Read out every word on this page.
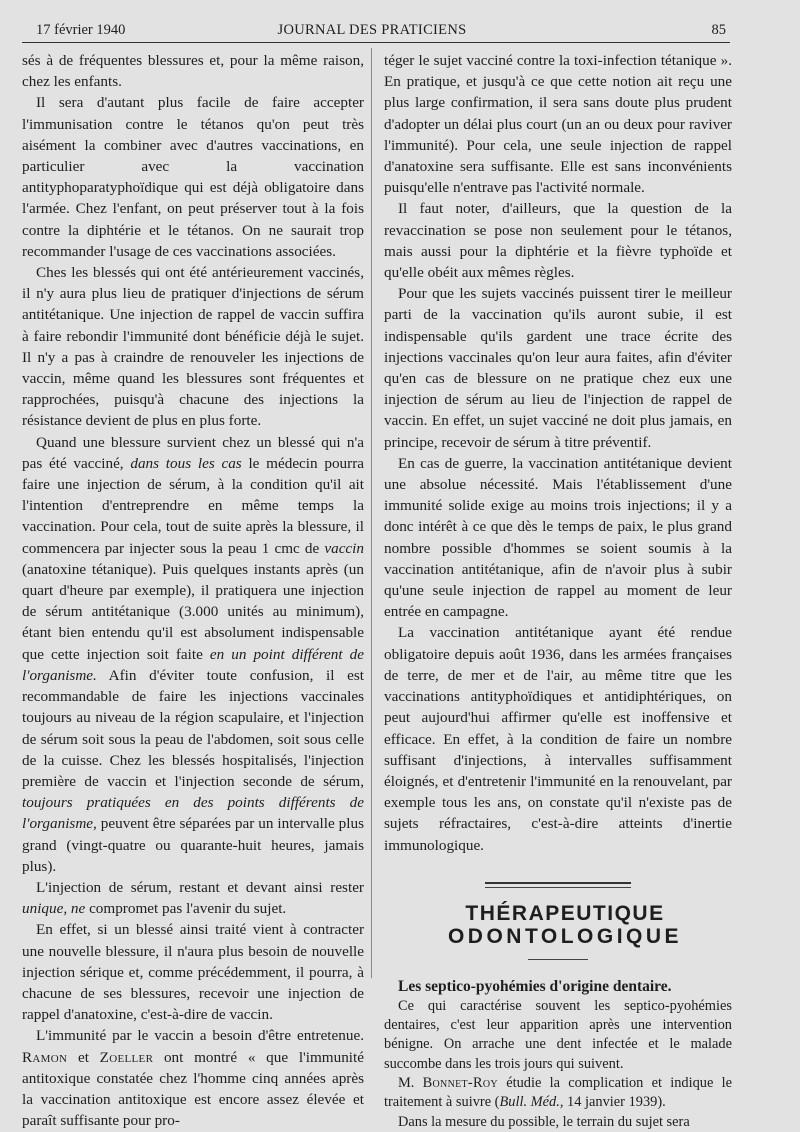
JOURNAL DES PRATICIENS
17 février 1940	85

sés à de fréquentes blessures et, pour la même raison, chez les enfants.

Il sera d'autant plus facile de faire accepter l'immunisation contre le tétanos qu'on peut très aisément la combiner avec d'autres vaccinations, en particulier avec la vaccination antityphoparatyphoïdique qui est déjà obligatoire dans l'armée. Chez l'enfant, on peut préserver tout à la fois contre la diphtérie et le tétanos. On ne saurait trop recommander l'usage de ces vaccinations associées.

Ches les blessés qui ont été antérieurement vaccinés, il n'y aura plus lieu de pratiquer d'injections de sérum antitétanique. Une injection de rappel de vaccin suffira à faire rebondir l'immunité dont bénéficie déjà le sujet. Il n'y a pas à craindre de renouveler les injections de vaccin, même quand les blessures sont fréquentes et rapprochées, puisqu'à chacune des injections la résistance devient de plus en plus forte.

Quand une blessure survient chez un blessé qui n'a pas été vacciné, dans tous les cas le médecin pourra faire une injection de sérum, à la condition qu'il ait l'intention d'entreprendre en même temps la vaccination. Pour cela, tout de suite après la blessure, il commencera par injecter sous la peau 1 cmc de vaccin (anatoxine tétanique). Puis quelques instants après (un quart d'heure par exemple), il pratiquera une injection de sérum antitétanique (3.000 unités au minimum), étant bien entendu qu'il est absolument indispensable que cette injection soit faite en un point différent de l'organisme. Afin d'éviter toute confusion, il est recommandable de faire les injections vaccinales toujours au niveau de la région scapulaire, et l'injection de sérum soit sous la peau de l'abdomen, soit sous celle de la cuisse. Chez les blessés hospitalisés, l'injection première de vaccin et l'injection seconde de sérum, toujours pratiquées en des points différents de l'organisme, peuvent être séparées par un intervalle plus grand (vingt-quatre ou quarante-huit heures, jamais plus).

L'injection de sérum, restant et devant ainsi rester unique, ne compromet pas l'avenir du sujet.

En effet, si un blessé ainsi traité vient à contracter une nouvelle blessure, il n'aura plus besoin de nouvelle injection sérique et, comme précédemment, il pourra, à chacune de ses blessures, recevoir une injection de rappel d'anatoxine, c'est-à-dire de vaccin.

L'immunité par le vaccin a besoin d'être entretenue. Ramon et Zoeller ont montré « que l'immunité antitoxique constatée chez l'homme cinq années après la vaccination antitoxique est encore assez élevée et paraît suffisante pour pro-

téger le sujet vacciné contre la toxi-infection tétanique ». En pratique, et jusqu'à ce que cette notion ait reçu une plus large confirmation, il sera sans doute plus prudent d'adopter un délai plus court (un an ou deux pour raviver l'immunité). Pour cela, une seule injection de rappel d'anatoxine sera suffisante. Elle est sans inconvénients puisqu'elle n'entrave pas l'activité normale.

Il faut noter, d'ailleurs, que la question de la revaccination se pose non seulement pour le tétanos, mais aussi pour la diphtérie et la fièvre typhoïde et qu'elle obéit aux mêmes règles.

Pour que les sujets vaccinés puissent tirer le meilleur parti de la vaccination qu'ils auront subie, il est indispensable qu'ils gardent une trace écrite des injections vaccinales qu'on leur aura faites, afin d'éviter qu'en cas de blessure on ne pratique chez eux une injection de sérum au lieu de l'injection de rappel de vaccin. En effet, un sujet vacciné ne doit plus jamais, en principe, recevoir de sérum à titre préventif.

En cas de guerre, la vaccination antitétanique devient une absolue nécessité. Mais l'établissement d'une immunité solide exige au moins trois injections; il y a donc intérêt à ce que dès le temps de paix, le plus grand nombre possible d'hommes se soient soumis à la vaccination antitétanique, afin de n'avoir plus à subir qu'une seule injection de rappel au moment de leur entrée en campagne.

La vaccination antitétanique ayant été rendue obligatoire depuis août 1936, dans les armées françaises de terre, de mer et de l'air, au même titre que les vaccinations antityphoïdiques et antidiphtériques, on peut aujourd'hui affirmer qu'elle est inoffensive et efficace. En effet, à la condition de faire un nombre suffisant d'injections, à intervalles suffisamment éloignés, et d'entretenir l'immunité en la renouvelant, par exemple tous les ans, on constate qu'il n'existe pas de sujets réfractaires, c'est-à-dire atteints d'inertie immunologique.

THÉRAPEUTIQUE

ODONTOLOGIQUE

Les septico-pyohémies d'origine dentaire.

Ce qui caractérise souvent les septico-pyohémies dentaires, c'est leur apparition après une intervention bénigne. On arrache une dent infectée et le malade succombe dans les trois jours qui suivent.

M. Bonnet-Roy étudie la complication et indique le traitement à suivre (Bull. Méd., 14 janvier 1939).

Dans la mesure du possible, le terrain du sujet sera
